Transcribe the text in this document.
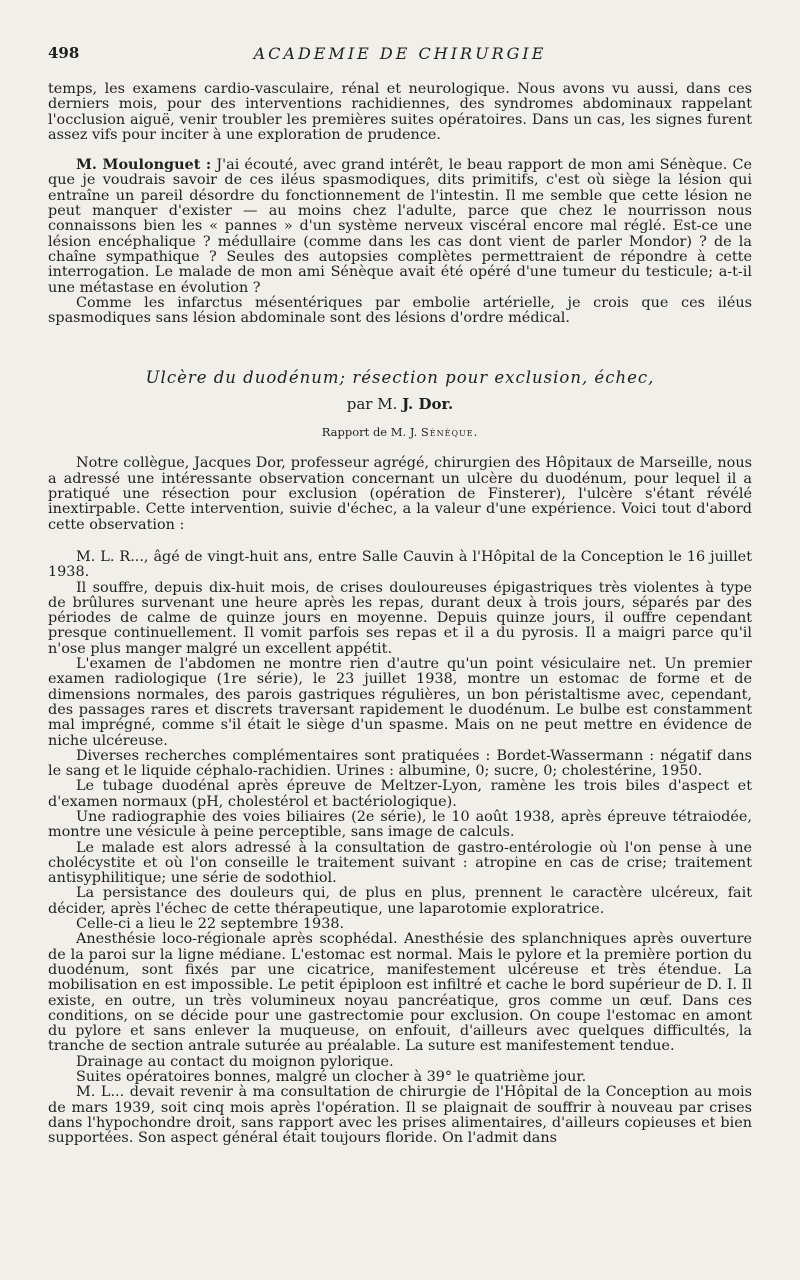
498	ACADEMIE DE CHIRURGIE

temps, les examens cardio-vasculaire, rénal et neurologique. Nous avons vu aussi, dans ces derniers mois, pour des interventions rachidiennes, des syndromes abdominaux rappelant l'occlusion aiguë, venir troubler les premières suites opératoires. Dans un cas, les signes furent assez vifs pour inciter à une exploration de prudence.

M. Moulonguet : J'ai écouté, avec grand intérêt, le beau rapport de mon ami Sénèque. Ce que je voudrais savoir de ces iléus spasmodiques, dits primitifs, c'est où siège la lésion qui entraîne un pareil désordre du fonctionnement de l'intestin. Il me semble que cette lésion ne peut manquer d'exister — au moins chez l'adulte, parce que chez le nourrisson nous connaissons bien les « pannes » d'un système nerveux viscéral encore mal réglé. Est-ce une lésion encéphalique ? médullaire (comme dans les cas dont vient de parler Mondor) ? de la chaîne sympathique ? Seules des autopsies complètes permettraient de répondre à cette interrogation. Le malade de mon ami Sénèque avait été opéré d'une tumeur du testicule; a-t-il une métastase en évolution ?

Comme les infarctus mésentériques par embolie artérielle, je crois que ces iléus spasmodiques sans lésion abdominale sont des lésions d'ordre médical.

Ulcère du duodénum; résection pour exclusion, échec,
par M. J. Dor.
Rapport de M. J. Sénèque.

Notre collègue, Jacques Dor, professeur agrégé, chirurgien des Hôpitaux de Marseille, nous a adressé une intéressante observation concernant un ulcère du duodénum, pour lequel il a pratiqué une résection pour exclusion (opération de Finsterer), l'ulcère s'étant révélé inextirpable. Cette intervention, suivie d'échec, a la valeur d'une expérience. Voici tout d'abord cette observation :

M. L. R..., âgé de vingt-huit ans, entre Salle Cauvin à l'Hôpital de la Conception le 16 juillet 1938.

Il souffre, depuis dix-huit mois, de crises douloureuses épigastriques très violentes à type de brûlures survenant une heure après les repas, durant deux à trois jours, séparés par des périodes de calme de quinze jours en moyenne. Depuis quinze jours, il ouffre cependant presque continuellement. Il vomit parfois ses repas et il a du pyrosis. Il a maigri parce qu'il n'ose plus manger malgré un excellent appétit.

L'examen de l'abdomen ne montre rien d'autre qu'un point vésiculaire net. Un premier examen radiologique (1re série), le 23 juillet 1938, montre un estomac de forme et de dimensions normales, des parois gastriques régulières, un bon péristaltisme avec, cependant, des passages rares et discrets traversant rapidement le duodénum. Le bulbe est constamment mal imprégné, comme s'il était le siège d'un spasme. Mais on ne peut mettre en évidence de niche ulcéreuse.

Diverses recherches complémentaires sont pratiquées : Bordet-Wassermann : négatif dans le sang et le liquide céphalo-rachidien. Urines : albumine, 0; sucre, 0; cholestérine, 1950.

Le tubage duodénal après épreuve de Meltzer-Lyon, ramène les trois biles d'aspect et d'examen normaux (pH, cholestérol et bactériologique).

Une radiographie des voies biliaires (2e série), le 10 août 1938, après épreuve tétraiodée, montre une vésicule à peine perceptible, sans image de calculs.

Le malade est alors adressé à la consultation de gastro-entérologie où l'on pense à une cholécystite et où l'on conseille le traitement suivant : atropine en cas de crise; traitement antisyphilitique; une série de sodothiol.

La persistance des douleurs qui, de plus en plus, prennent le caractère ulcéreux, fait décider, après l'échec de cette thérapeutique, une laparotomie exploratrice.

Celle-ci a lieu le 22 septembre 1938.

Anesthésie loco-régionale après scophédal. Anesthésie des splanchniques après ouverture de la paroi sur la ligne médiane. L'estomac est normal. Mais le pylore et la première portion du duodénum, sont fixés par une cicatrice, manifestement ulcéreuse et très étendue. La mobilisation en est impossible. Le petit épiploon est infiltré et cache le bord supérieur de D. I. Il existe, en outre, un très volumineux noyau pancréatique, gros comme un œuf. Dans ces conditions, on se décide pour une gastrectomie pour exclusion. On coupe l'estomac en amont du pylore et sans enlever la muqueuse, on enfouit, d'ailleurs avec quelques difficultés, la tranche de section antrale suturée au préalable. La suture est manifestement tendue.

Drainage au contact du moignon pylorique.

Suites opératoires bonnes, malgré un clocher à 39° le quatrième jour.

M. L... devait revenir à ma consultation de chirurgie de l'Hôpital de la Conception au mois de mars 1939, soit cinq mois après l'opération. Il se plaignait de souffrir à nouveau par crises dans l'hypochondre droit, sans rapport avec les prises alimentaires, d'ailleurs copieuses et bien supportées. Son aspect général était toujours floride. On l'admit dans
